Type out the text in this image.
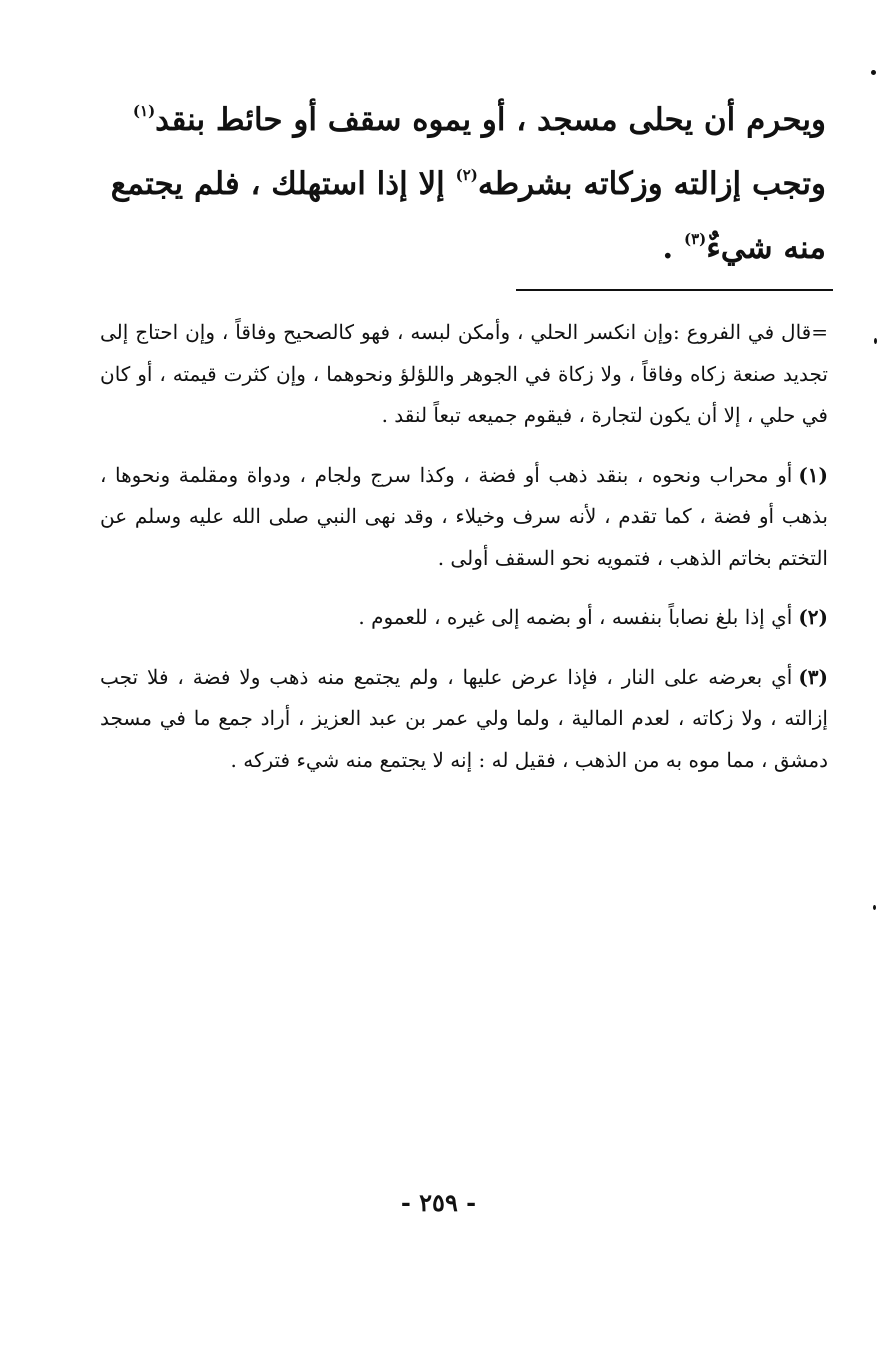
ويحرم أن يحلى مسجد ، أو يموه سقف أو حائط بنقد$^{(١)}$
وتجب إزالته وزكاته بشرطه$^{(٢)}$ إلا إذا استهلك ، فلم يجتمع
منه شيءٌ$^{(٣)}$ .

=قال في الفروع :وإن انكسر الحلي ، وأمكن لبسه ، فهو كالصحيح وفاقاً ، وإن احتاج إلى تجديد صنعة زكاه وفاقاً ، ولا زكاة في الجوهر واللؤلؤ ونحوهما ، وإن كثرت قيمته ، أو كان في حلي ، إلا أن يكون لتجارة ، فيقوم جميعه تبعاً لنقد .

(١)أو محراب ونحوه ، بنقد ذهب أو فضة ، وكذا سرج ولجام ، ودواة ومقلمة ونحوها ، بذهب أو فضة ، كما تقدم ، لأنه سرف وخيلاء ، وقد نهى النبي صلى الله عليه وسلم عن التختم بخاتم الذهب ، فتمويه نحو السقف أولى .

(٢)أي إذا بلغ نصاباً بنفسه ، أو بضمه إلى غيره ، للعموم .

(٣)أي بعرضه على النار ، فإذا عرض عليها ، ولم يجتمع منه ذهب ولا فضة ، فلا تجب إزالته ، ولا زكاته ، لعدم المالية ، ولما ولي عمر بن عبد العزيز ، أراد جمع ما في مسجد دمشق ، مما موه به من الذهب ، فقيل له : إنه لا يجتمع منه شيء فتركه .

- ٢٥٩ -
